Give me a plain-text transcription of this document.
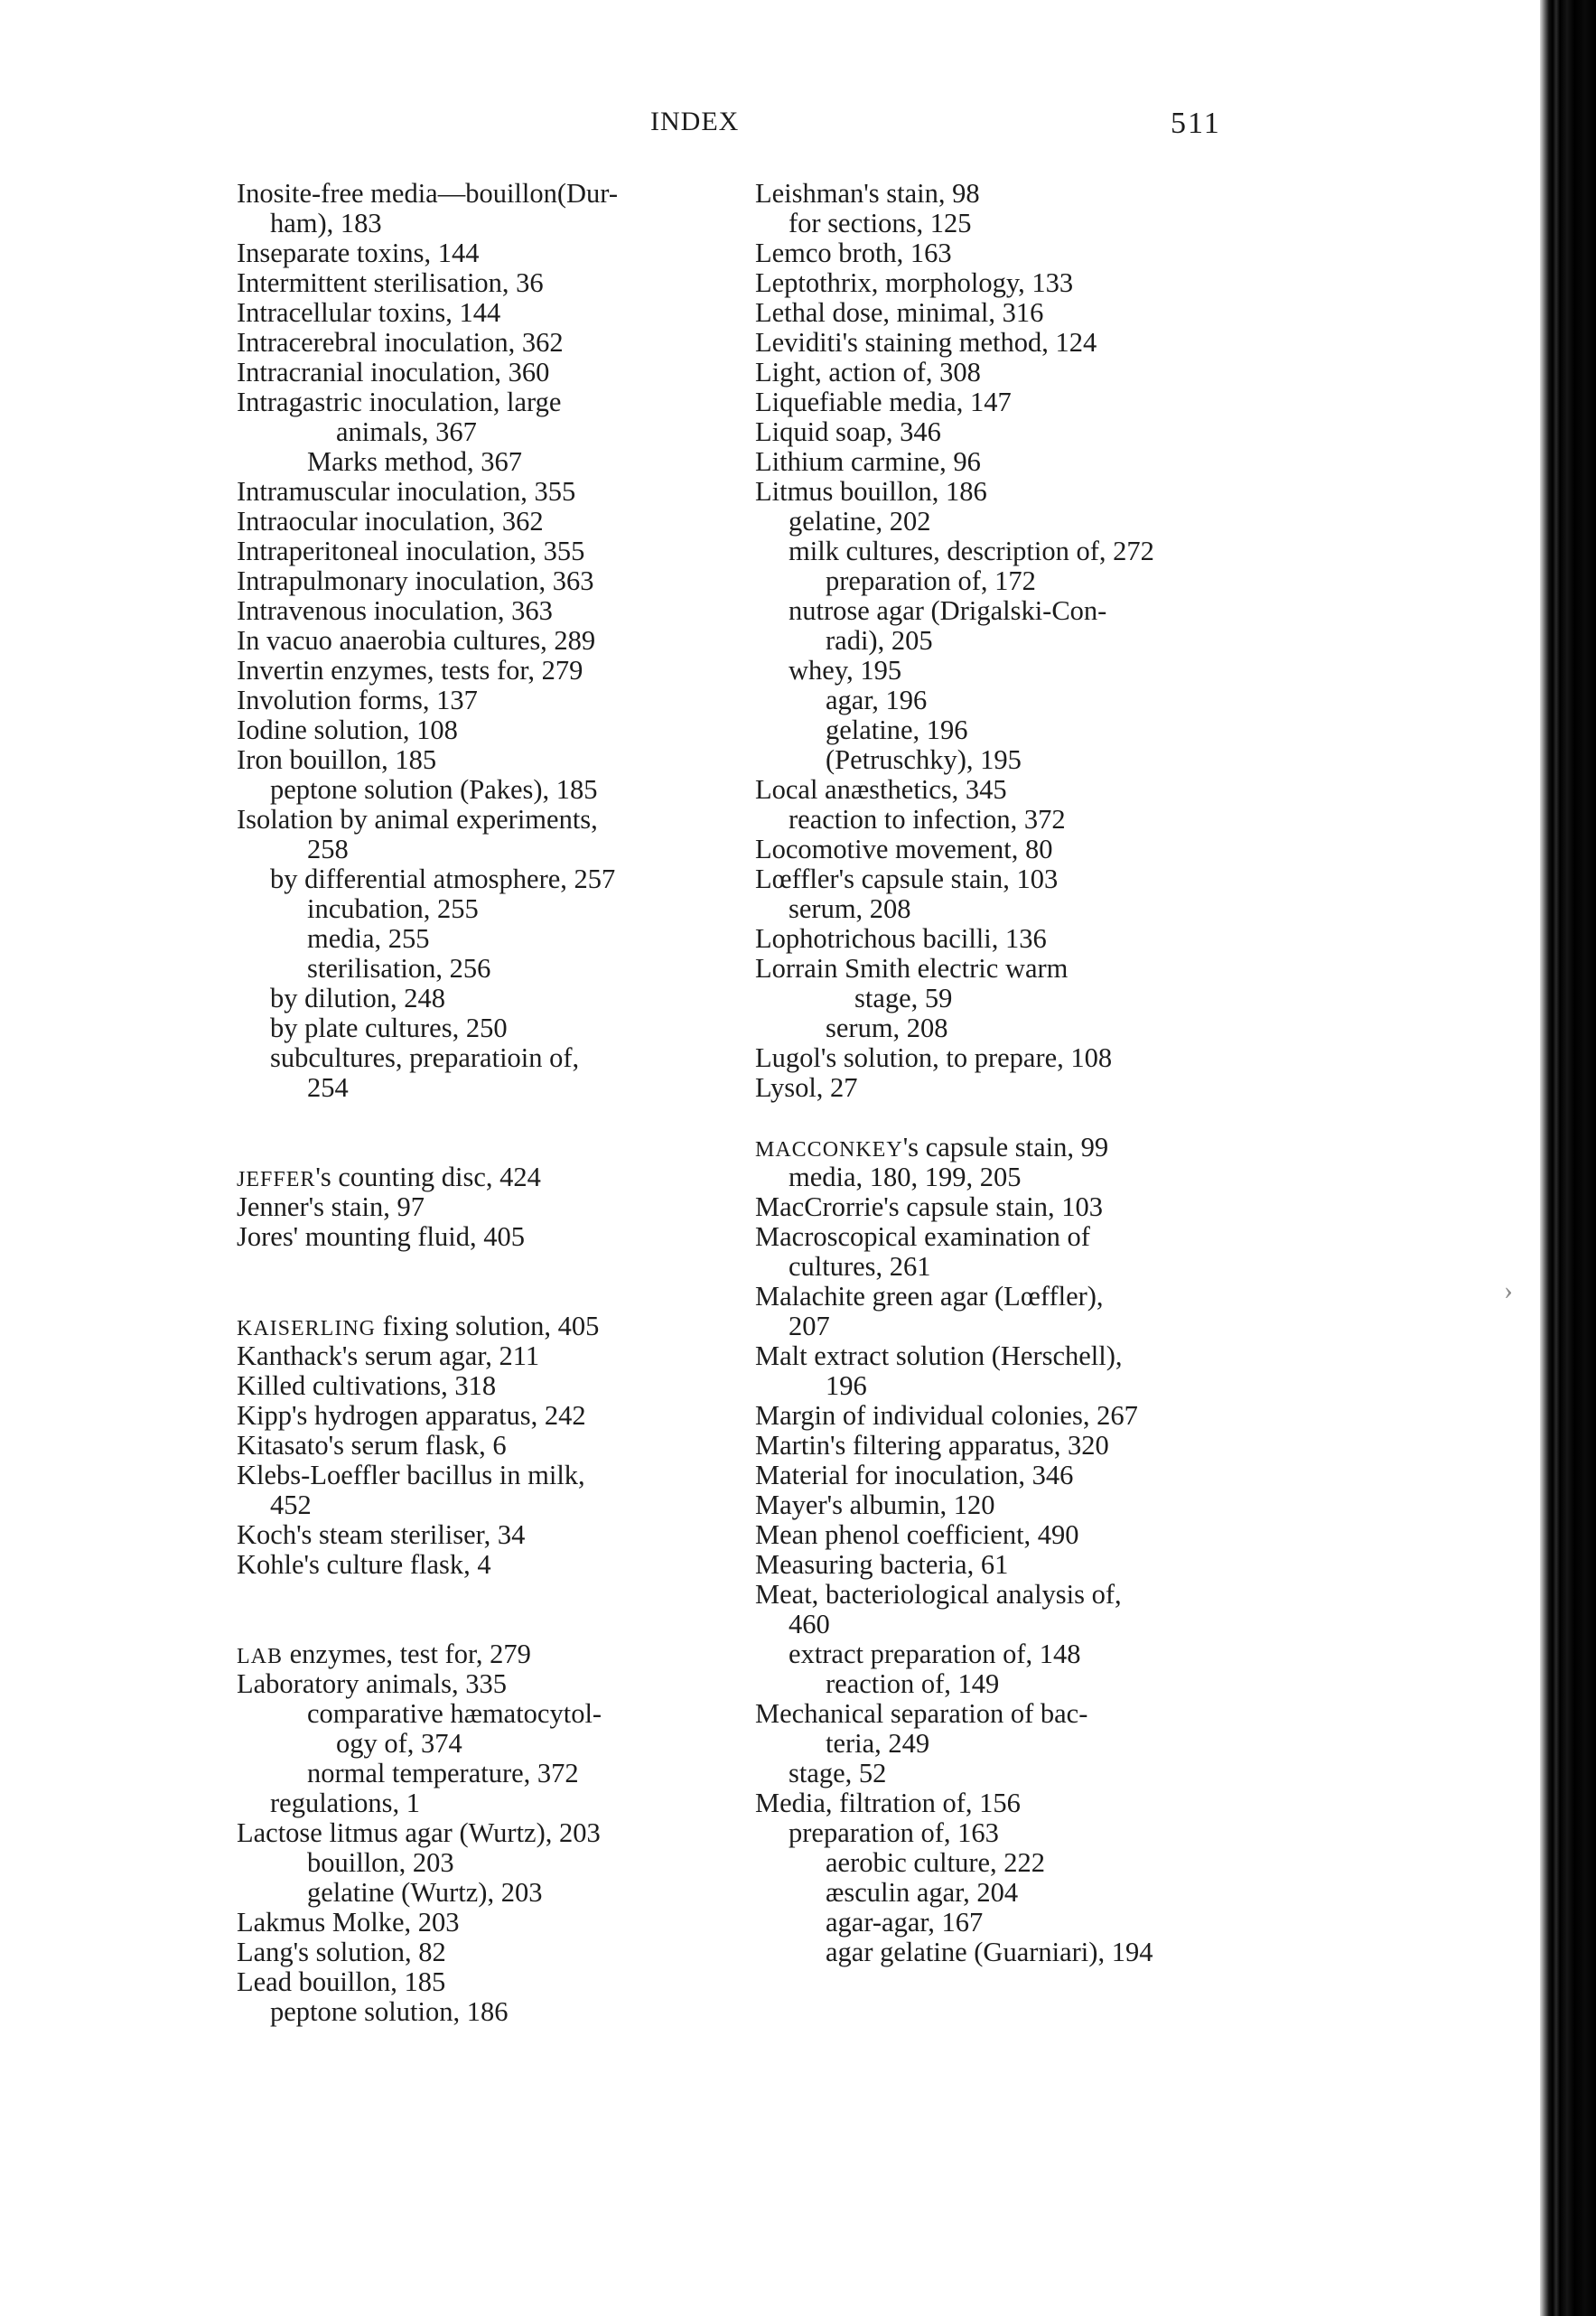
INDEX	511
Inosite-free media—bouillon(Dur-
ham), 183
Inseparate toxins, 144
Intermittent sterilisation, 36
Intracellular toxins, 144
Intracerebral inoculation, 362
Intracranial inoculation, 360
Intragastric inoculation, large
animals, 367
Marks method, 367
Intramuscular inoculation, 355
Intraocular inoculation, 362
Intraperitoneal inoculation, 355
Intrapulmonary inoculation, 363
Intravenous inoculation, 363
In vacuo anaerobia cultures, 289
Invertin enzymes, tests for, 279
Involution forms, 137
Iodine solution, 108
Iron bouillon, 185
peptone solution (Pakes), 185
Isolation by animal experiments,
258
by differential atmosphere, 257
incubation, 255
media, 255
sterilisation, 256
by dilution, 248
by plate cultures, 250
subcultures, preparatioin of,
254
JEFFER's counting disc, 424
Jenner's stain, 97
Jores' mounting fluid, 405
KAISERLING fixing solution, 405
Kanthack's serum agar, 211
Killed cultivations, 318
Kipp's hydrogen apparatus, 242
Kitasato's serum flask, 6
Klebs-Loeffler bacillus in milk,
452
Koch's steam steriliser, 34
Kohle's culture flask, 4
LAB enzymes, test for, 279
Laboratory animals, 335
comparative hæmatocytol-
ogy of, 374
normal temperature, 372
regulations, 1
Lactose litmus agar (Wurtz), 203
bouillon, 203
gelatine (Wurtz), 203
Lakmus Molke, 203
Lang's solution, 82
Lead bouillon, 185
peptone solution, 186
Leishman's stain, 98
for sections, 125
Lemco broth, 163
Leptothrix, morphology, 133
Lethal dose, minimal, 316
Leviditi's staining method, 124
Light, action of, 308
Liquefiable media, 147
Liquid soap, 346
Lithium carmine, 96
Litmus bouillon, 186
gelatine, 202
milk cultures, description of, 272
preparation of, 172
nutrose agar (Drigalski-Con-
radi), 205
whey, 195
agar, 196
gelatine, 196
(Petruschky), 195
Local anæsthetics, 345
reaction to infection, 372
Locomotive movement, 80
Lœffler's capsule stain, 103
serum, 208
Lophotrichous bacilli, 136
Lorrain Smith electric warm
stage, 59
serum, 208
Lugol's solution, to prepare, 108
Lysol, 27
MACCONKEY's capsule stain, 99
media, 180, 199, 205
MacCrorrie's capsule stain, 103
Macroscopical examination of
cultures, 261
Malachite green agar (Lœffler),
207
Malt extract solution (Herschell),
196
Margin of individual colonies, 267
Martin's filtering apparatus, 320
Material for inoculation, 346
Mayer's albumin, 120
Mean phenol coefficient, 490
Measuring bacteria, 61
Meat, bacteriological analysis of,
460
extract preparation of, 148
reaction of, 149
Mechanical separation of bac-
teria, 249
stage, 52
Media, filtration of, 156
preparation of, 163
aerobic culture, 222
æsculin agar, 204
agar-agar, 167
agar gelatine (Guarniari), 194
›
